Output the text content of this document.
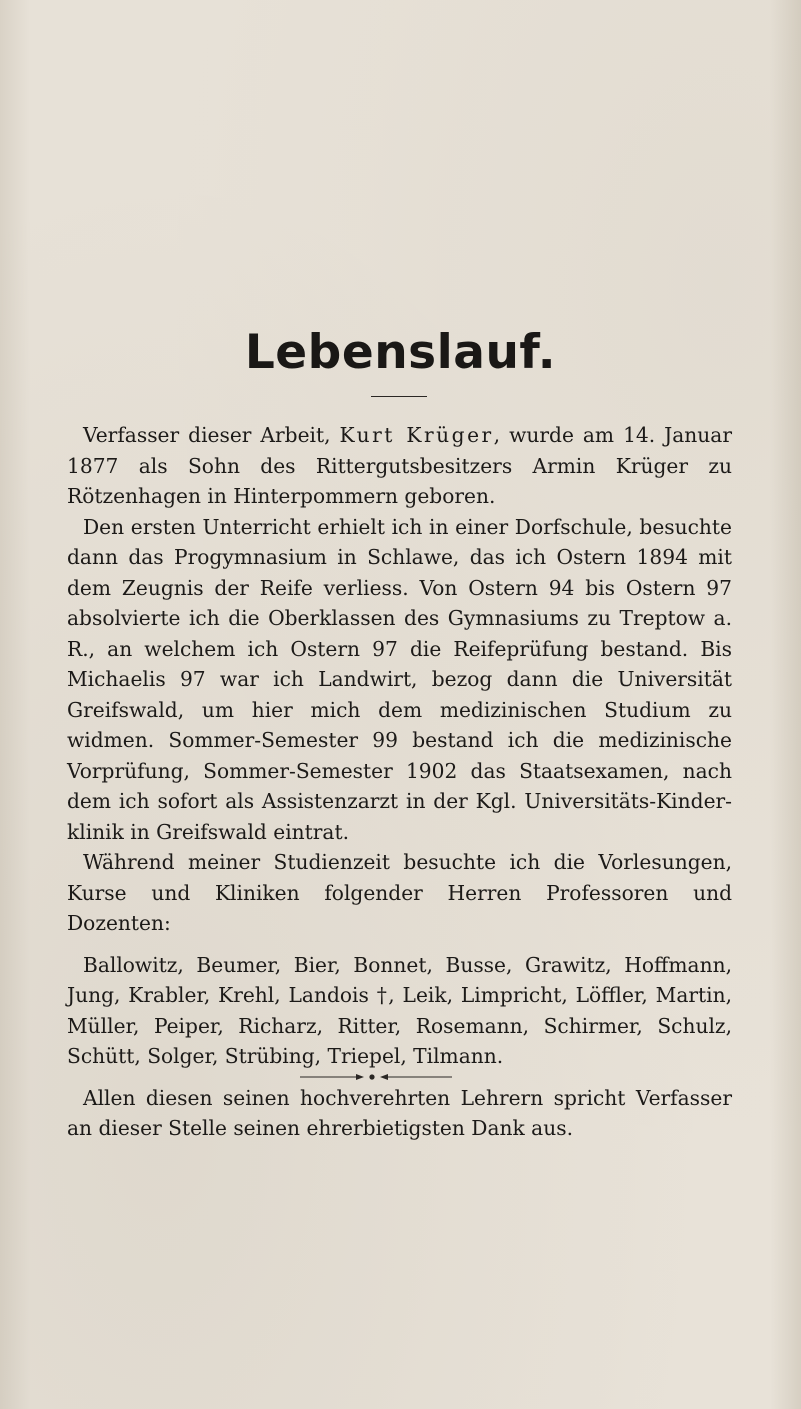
Lebenslauf.

Verfasser dieser Arbeit, Kurt Krüger, wurde am 14. Januar 1877 als Sohn des Rittergutsbesitzers Armin Krüger zu Rötzenhagen in Hinterpommern geboren.

Den ersten Unterricht erhielt ich in einer Dorfschule, besuchte dann das Progymnasium in Schlawe, das ich Ostern 1894 mit dem Zeugnis der Reife verliess. Von Ostern 94 bis Ostern 97 absolvierte ich die Oberklassen des Gymnasiums zu Treptow a. R., an welchem ich Ostern 97 die Reifeprüfung bestand. Bis Michaelis 97 war ich Landwirt, bezog dann die Universität Greifswald, um hier mich dem medizinischen Studium zu widmen. Sommer-Semester 99 bestand ich die medizinische Vorprüfung, Sommer-Semester 1902 das Staatsexamen, nach dem ich sofort als Assistenzarzt in der Kgl. Universitäts-Kinder-klinik in Greifswald eintrat.

Während meiner Studienzeit besuchte ich die Vorlesungen, Kurse und Kliniken folgender Herren Professoren und Dozenten:

Ballowitz, Beumer, Bier, Bonnet, Busse, Grawitz, Hoffmann, Jung, Krabler, Krehl, Landois †, Leik, Limpricht, Löffler, Martin, Müller, Peiper, Richarz, Ritter, Rosemann, Schirmer, Schulz, Schütt, Solger, Strübing, Triepel, Tilmann.

Allen diesen seinen hochverehrten Lehrern spricht Verfasser an dieser Stelle seinen ehrerbietigsten Dank aus.
